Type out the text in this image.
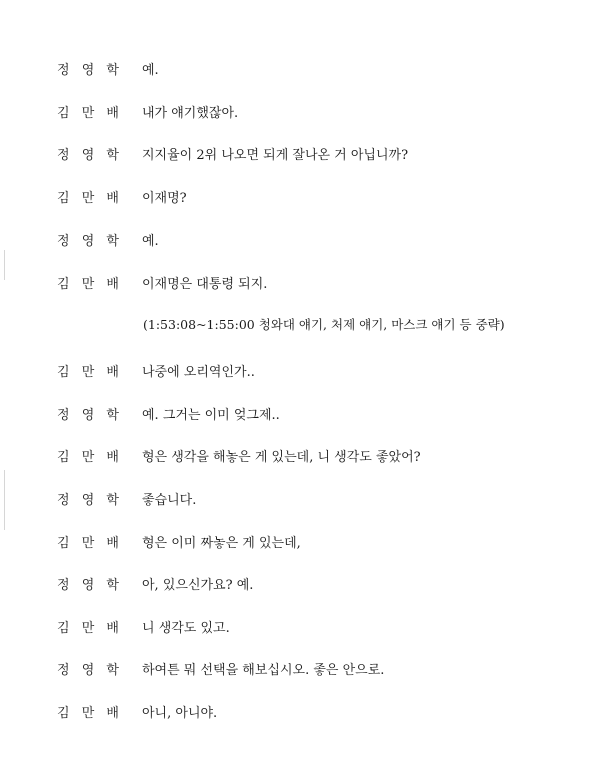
정 영 학 예.
김 만 배 내가 얘기했잖아.
정 영 학 지지율이 2위 나오면 되게 잘나온 거 아닙니까?
김 만 배 이재명?
정 영 학 예.
김 만 배 이재명은 대통령 되지.
(1:53:08~1:55:00 청와대 얘기, 처제 얘기, 마스크 얘기 등 중략)
김 만 배 나중에 오리역인가..
정 영 학 예. 그거는 이미 엊그제..
김 만 배 형은 생각을 해놓은 게 있는데, 니 생각도 좋았어?
정 영 학 좋습니다.
김 만 배 형은 이미 짜놓은 게 있는데,
정 영 학 아, 있으신가요? 예.
김 만 배 니 생각도 있고.
정 영 학 하여튼 뭐 선택을 해보십시오. 좋은 안으로.
김 만 배 아니, 아니야.
